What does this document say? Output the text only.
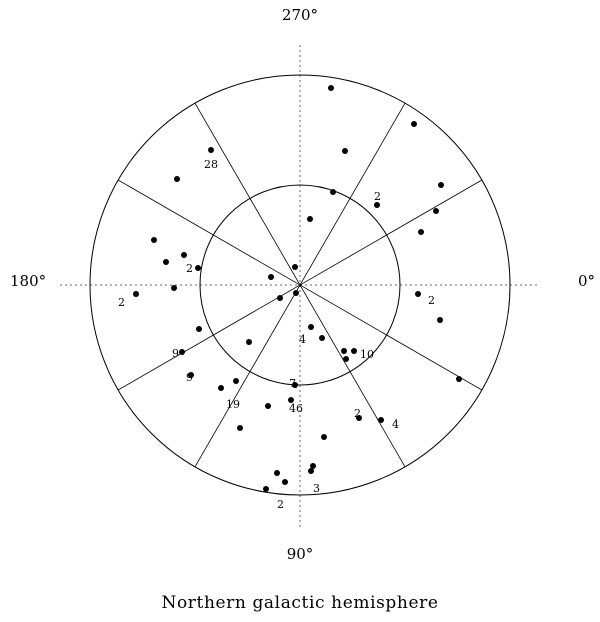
270°
90°
180°	0°
28
2
2
2	2
4
9
9
10
7
19	46	2
4
3
2
Northern galactic hemisphere
